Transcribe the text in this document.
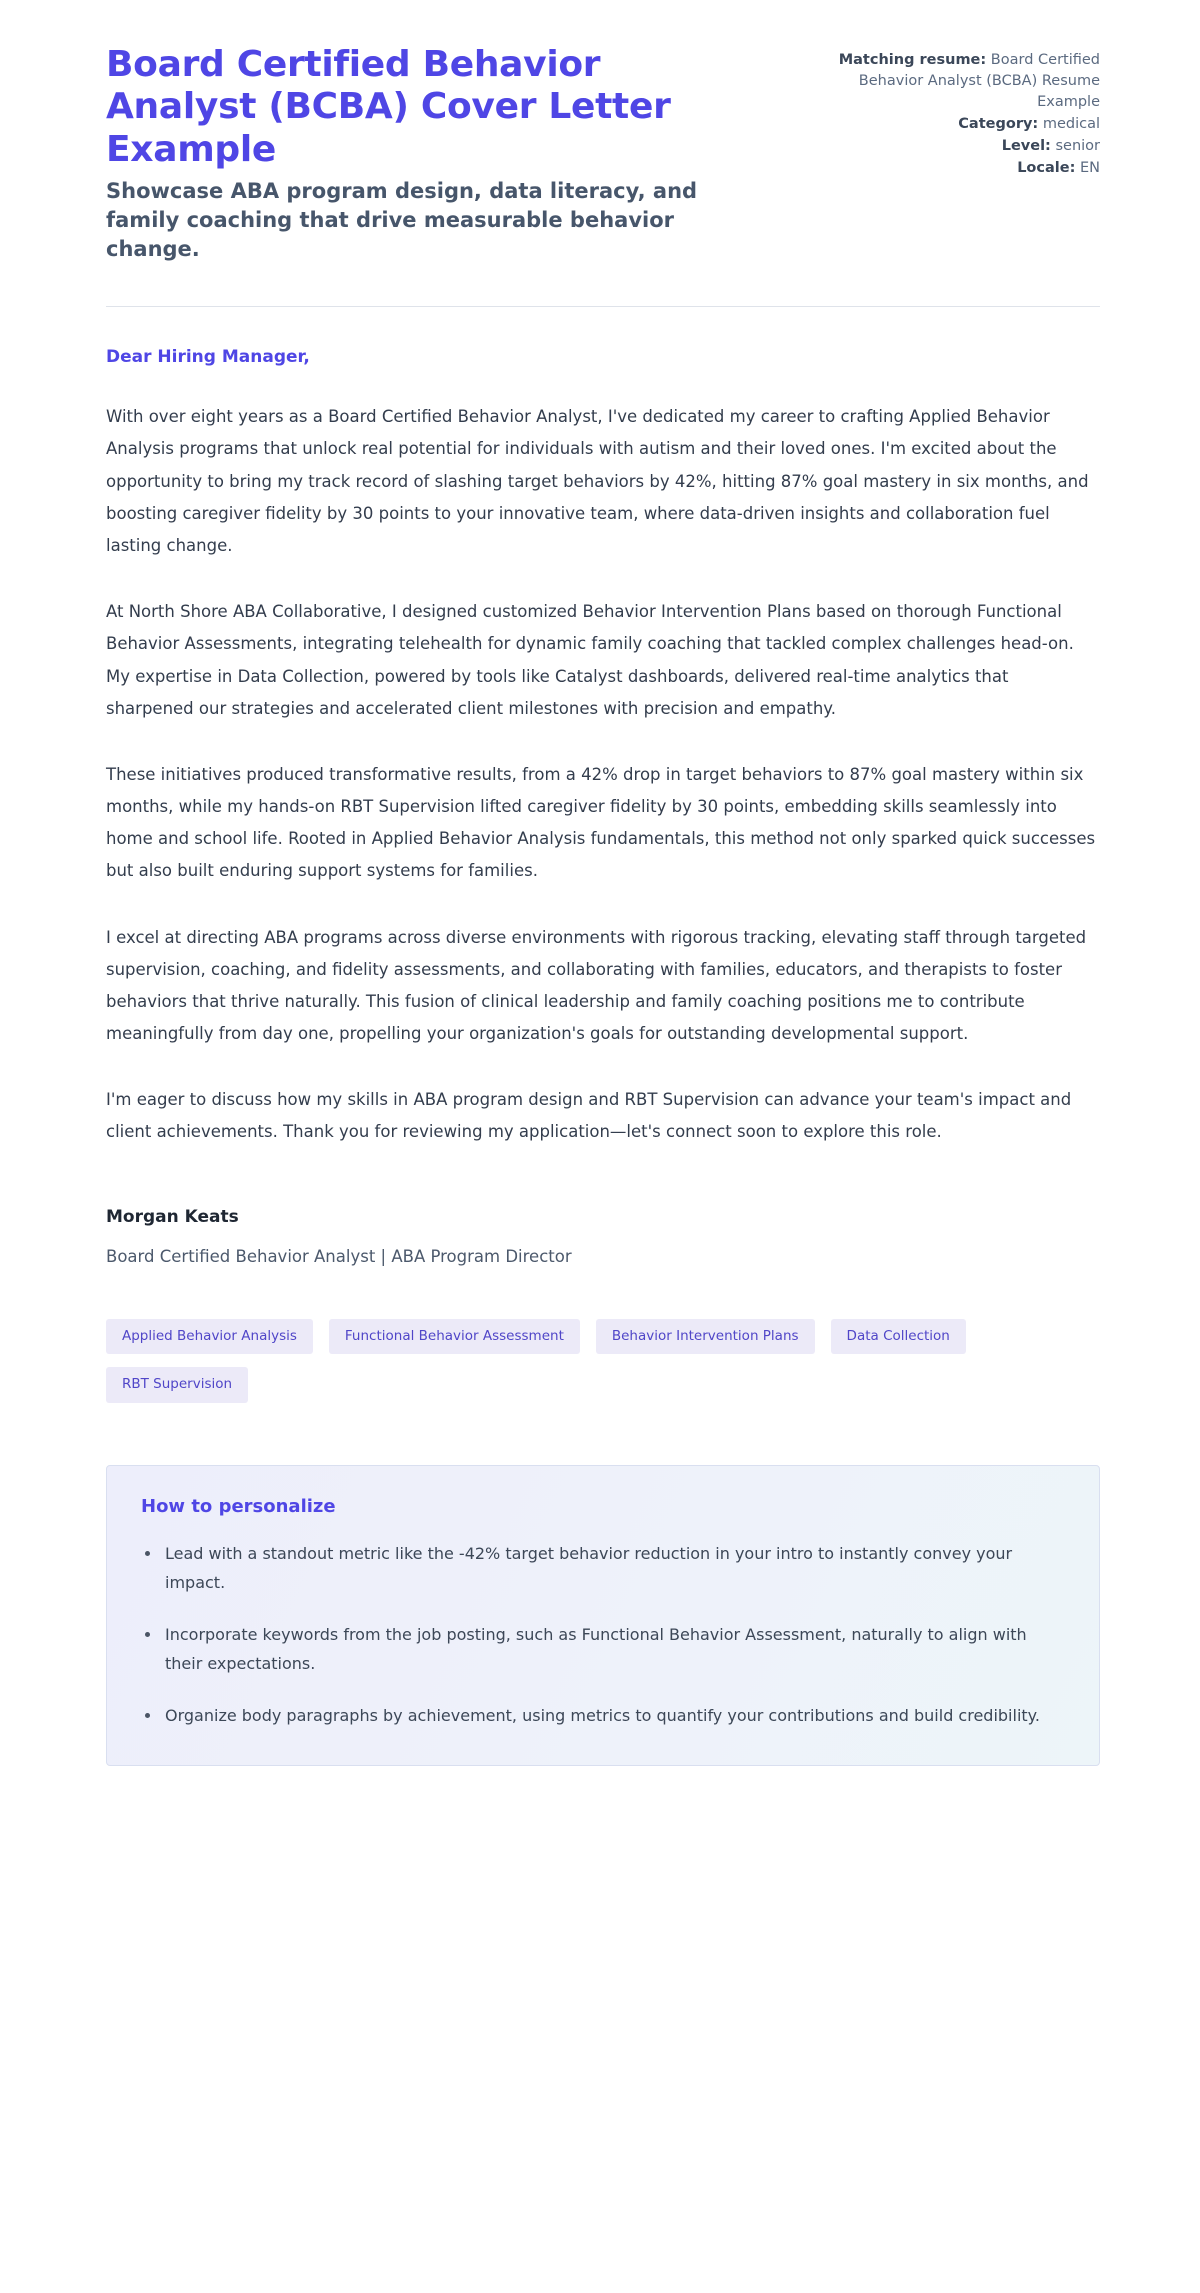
Board Certified Behavior Analyst (BCBA) Cover Letter Example

Showcase ABA program design, data literacy, and family coaching that drive measurable behavior change.

Matching resume: Board Certified Behavior Analyst (BCBA) Resume Example
Category: medical
Level: senior
Locale: EN

Dear Hiring Manager,

With over eight years as a Board Certified Behavior Analyst, I've dedicated my career to crafting Applied Behavior Analysis programs that unlock real potential for individuals with autism and their loved ones. I'm excited about the opportunity to bring my track record of slashing target behaviors by 42%, hitting 87% goal mastery in six months, and boosting caregiver fidelity by 30 points to your innovative team, where data-driven insights and collaboration fuel lasting change.

At North Shore ABA Collaborative, I designed customized Behavior Intervention Plans based on thorough Functional Behavior Assessments, integrating telehealth for dynamic family coaching that tackled complex challenges head-on. My expertise in Data Collection, powered by tools like Catalyst dashboards, delivered real-time analytics that sharpened our strategies and accelerated client milestones with precision and empathy.

These initiatives produced transformative results, from a 42% drop in target behaviors to 87% goal mastery within six months, while my hands-on RBT Supervision lifted caregiver fidelity by 30 points, embedding skills seamlessly into home and school life. Rooted in Applied Behavior Analysis fundamentals, this method not only sparked quick successes but also built enduring support systems for families.

I excel at directing ABA programs across diverse environments with rigorous tracking, elevating staff through targeted supervision, coaching, and fidelity assessments, and collaborating with families, educators, and therapists to foster behaviors that thrive naturally. This fusion of clinical leadership and family coaching positions me to contribute meaningfully from day one, propelling your organization's goals for outstanding developmental support.

I'm eager to discuss how my skills in ABA program design and RBT Supervision can advance your team's impact and client achievements. Thank you for reviewing my application—let's connect soon to explore this role.

Morgan Keats

Board Certified Behavior Analyst | ABA Program Director

Applied Behavior Analysis	Functional Behavior Assessment	Behavior Intervention Plans	Data Collection
RBT Supervision
How to personalize
Lead with a standout metric like the -42% target behavior reduction in your intro to instantly convey your impact.
Incorporate keywords from the job posting, such as Functional Behavior Assessment, naturally to align with their expectations.
Organize body paragraphs by achievement, using metrics to quantify your contributions and build credibility.
